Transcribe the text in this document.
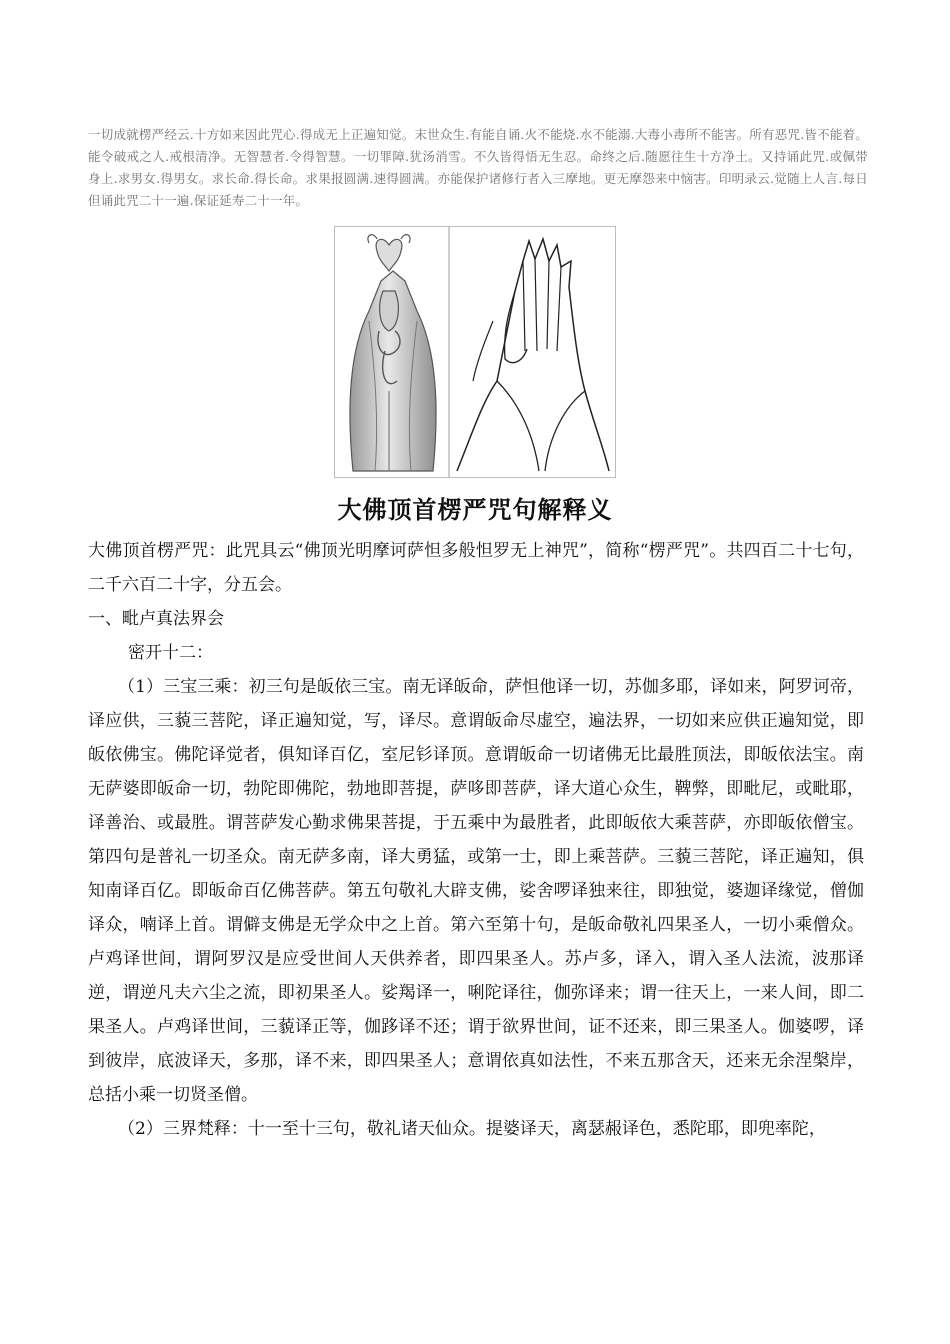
一切成就楞严经云.十方如来因此咒心.得成无上正遍知觉。末世众生.有能自诵.火不能烧.水不能溺.大毒小毒所不能害。所有恶咒.皆不能着。能令破戒之人.戒根清净。无智慧者.令得智慧。一切罪障.犹汤消雪。不久皆得悟无生忍。命终之后.随愿往生十方净土。又持诵此咒.或佩带身上.求男女.得男女。求长命.得长命。求果报圆满.速得圆满。亦能保护诸修行者入三摩地。更无摩怨来中恼害。印明录云.觉随上人言.每日但诵此咒二十一遍.保证延寿二十一年。
大佛顶首楞严咒句解释义

大佛顶首楞严咒：此咒具云“佛顶光明摩诃萨怛多般怛罗无上神咒”，简称“楞严咒”。共四百二十七句，二千六百二十字，分五会。

一、毗卢真法界会

密开十二：

（1）三宝三乘：初三句是皈依三宝。南无译皈命，萨怛他译一切，苏伽多耶，译如来，阿罗诃帝，译应供，三藐三菩陀，译正遍知觉，写，译尽。意谓皈命尽虚空，遍法界，一切如来应供正遍知觉，即皈依佛宝。佛陀译觉者，俱知译百亿，室尼钐译顶。意谓皈命一切诸佛无比最胜顶法，即皈依法宝。南无萨婆即皈命一切，勃陀即佛陀，勃地即菩提，萨哆即菩萨，译大道心众生，鞞弊，即毗尼，或毗耶，译善治、或最胜。谓菩萨发心勤求佛果菩提，于五乘中为最胜者，此即皈依大乘菩萨，亦即皈依僧宝。第四句是普礼一切圣众。南无萨多南，译大勇猛，或第一士，即上乘菩萨。三藐三菩陀，译正遍知，俱知南译百亿。即皈命百亿佛菩萨。第五句敬礼大辟支佛，娑舍啰译独来往，即独觉，婆迦译缘觉，僧伽译众，喃译上首。谓僻支佛是无学众中之上首。第六至第十句，是皈命敬礼四果圣人，一切小乘僧众。卢鸡译世间，谓阿罗汉是应受世间人天供养者，即四果圣人。苏卢多，译入，谓入圣人法流，波那译逆，谓逆凡夫六尘之流，即初果圣人。娑羯译一，唎陀译往，伽弥译来；谓一往天上，一来人间，即二果圣人。卢鸡译世间，三藐译正等，伽跢译不还；谓于欲界世间，证不还来，即三果圣人。伽婆啰，译到彼岸，底波译天，多那，译不来，即四果圣人；意谓依真如法性，不来五那含天，还来无余涅槃岸，总括小乘一切贤圣僧。

（2）三界梵释：十一至十三句，敬礼诸天仙众。提婆译天，离瑟赧译色，悉陀耶，即兜率陀，
